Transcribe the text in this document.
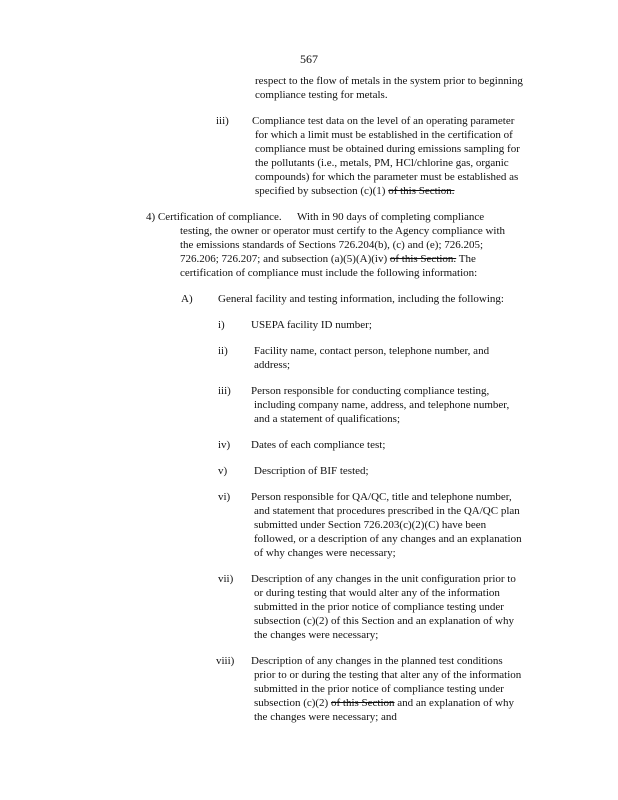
567
respect to the flow of metals in the system prior to beginning
compliance testing for metals.
iii) Compliance test data on the level of an operating parameter
for which a limit must be established in the certification of
compliance must be obtained during emissions sampling for
the pollutants (i.e., metals, PM, HCl/chlorine gas, organic
compounds) for which the parameter must be established as
specified by subsection (c)(1) of this Section.
4) Certification of compliance. With in 90 days of completing compliance
testing, the owner or operator must certify to the Agency compliance with
the emissions standards of Sections 726.204(b), (c) and (e); 726.205;
726.206; 726.207; and subsection (a)(5)(A)(iv) of this Section. The
certification of compliance must include the following information:
A) General facility and testing information, including the following:
i) USEPA facility ID number;
ii) Facility name, contact person, telephone number, and
address;
iii) Person responsible for conducting compliance testing,
including company name, address, and telephone number,
and a statement of qualifications;
iv) Dates of each compliance test;
v) Description of BIF tested;
vi) Person responsible for QA/QC, title and telephone number,
and statement that procedures prescribed in the QA/QC plan
submitted under Section 726.203(c)(2)(C) have been
followed, or a description of any changes and an explanation
of why changes were necessary;
vii) Description of any changes in the unit configuration prior to
or during testing that would alter any of the information
submitted in the prior notice of compliance testing under
subsection (c)(2) of this Section and an explanation of why
the changes were necessary;
viii) Description of any changes in the planned test conditions
prior to or during the testing that alter any of the information
submitted in the prior notice of compliance testing under
subsection (c)(2) of this Section and an explanation of why
the changes were necessary; and
